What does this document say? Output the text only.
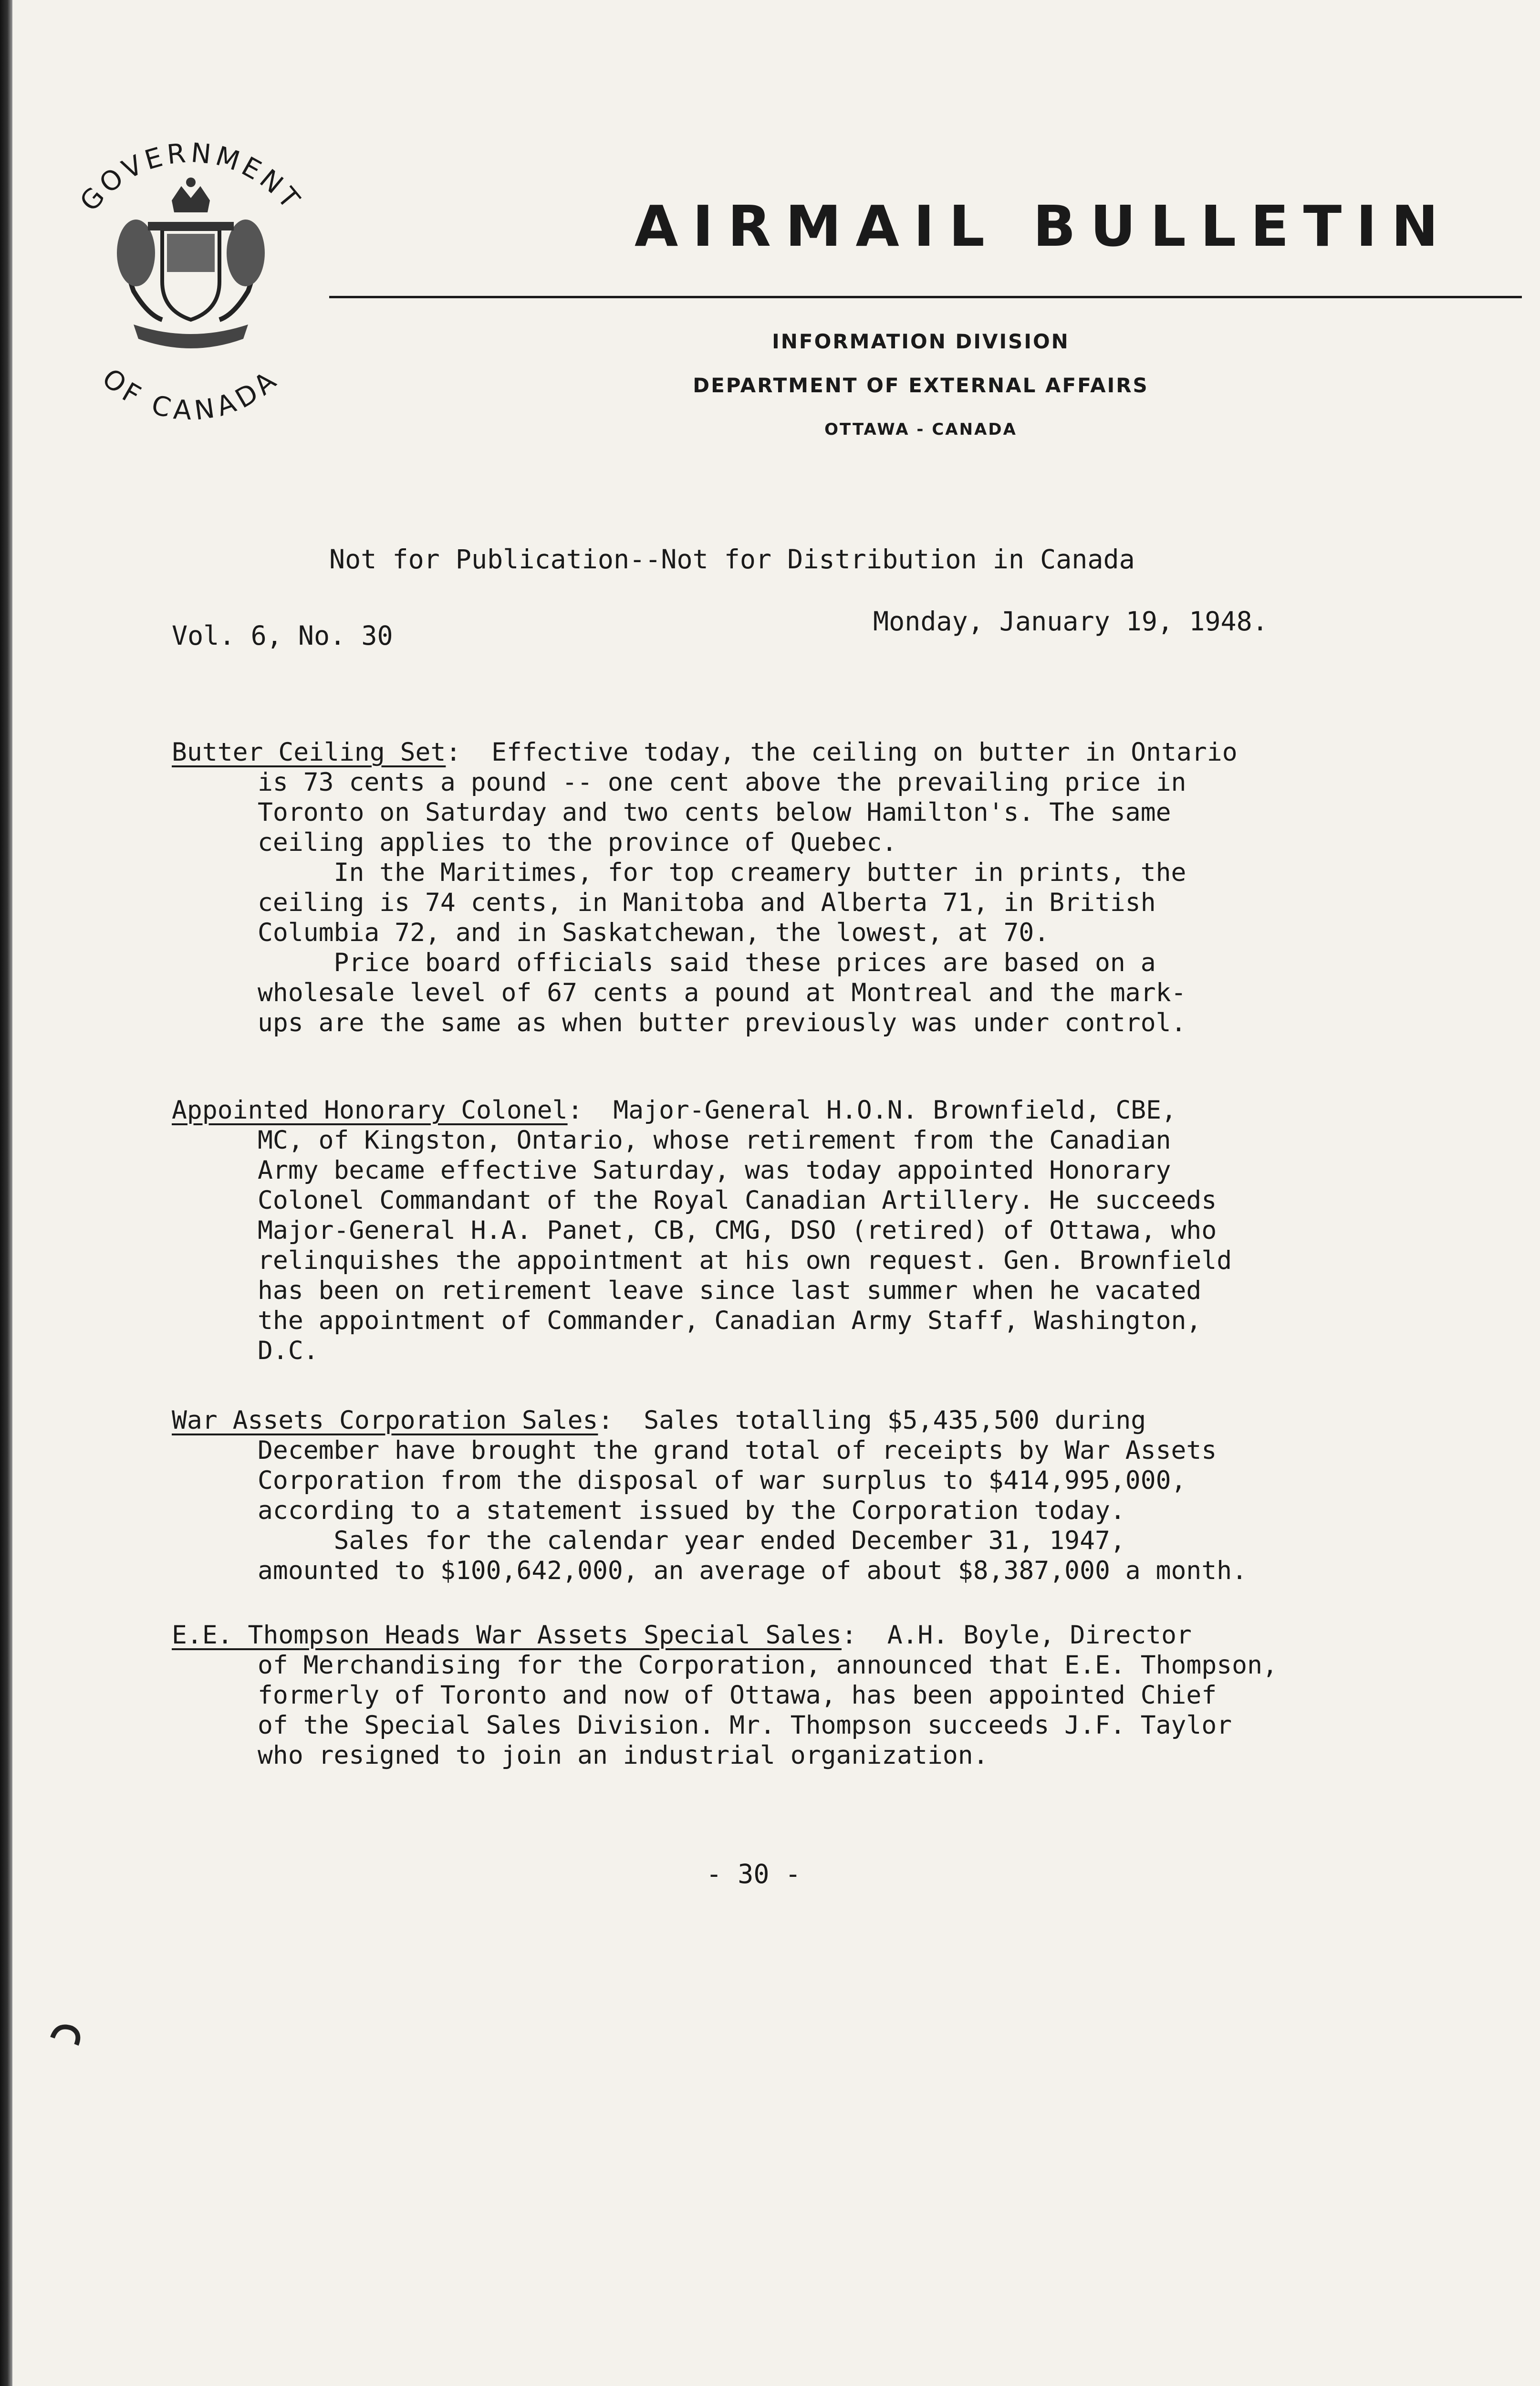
GOVERNMENT
OF CANADA
AIRMAIL BULLETIN
INFORMATION DIVISION
DEPARTMENT OF EXTERNAL AFFAIRS
OTTAWA - CANADA
Not for Publication--Not for Distribution in Canada
Vol. 6, No. 30	Monday, January 19, 1948.

Butter Ceiling Set:  Effective today, the ceiling on butter in Ontario

is 73 cents a pound -- one cent above the prevailing price in

Toronto on Saturday and two cents below Hamilton's. The same

ceiling applies to the province of Quebec.

In the Maritimes, for top creamery butter in prints, the

ceiling is 74 cents, in Manitoba and Alberta 71, in British

Columbia 72, and in Saskatchewan, the lowest, at 70.

Price board officials said these prices are based on a

wholesale level of 67 cents a pound at Montreal and the mark-

ups are the same as when butter previously was under control.

Appointed Honorary Colonel:  Major-General H.O.N. Brownfield, CBE,

MC, of Kingston, Ontario, whose retirement from the Canadian

Army became effective Saturday, was today appointed Honorary

Colonel Commandant of the Royal Canadian Artillery. He succeeds

Major-General H.A. Panet, CB, CMG, DSO (retired) of Ottawa, who

relinquishes the appointment at his own request. Gen. Brownfield

has been on retirement leave since last summer when he vacated

the appointment of Commander, Canadian Army Staff, Washington,

D.C.

War Assets Corporation Sales:  Sales totalling $5,435,500 during

December have brought the grand total of receipts by War Assets

Corporation from the disposal of war surplus to $414,995,000,

according to a statement issued by the Corporation today.

Sales for the calendar year ended December 31, 1947,

amounted to $100,642,000, an average of about $8,387,000 a month.

E.E. Thompson Heads War Assets Special Sales:  A.H. Boyle, Director

of Merchandising for the Corporation, announced that E.E. Thompson,

formerly of Toronto and now of Ottawa, has been appointed Chief

of the Special Sales Division. Mr. Thompson succeeds J.F. Taylor

who resigned to join an industrial organization.

- 30 -
